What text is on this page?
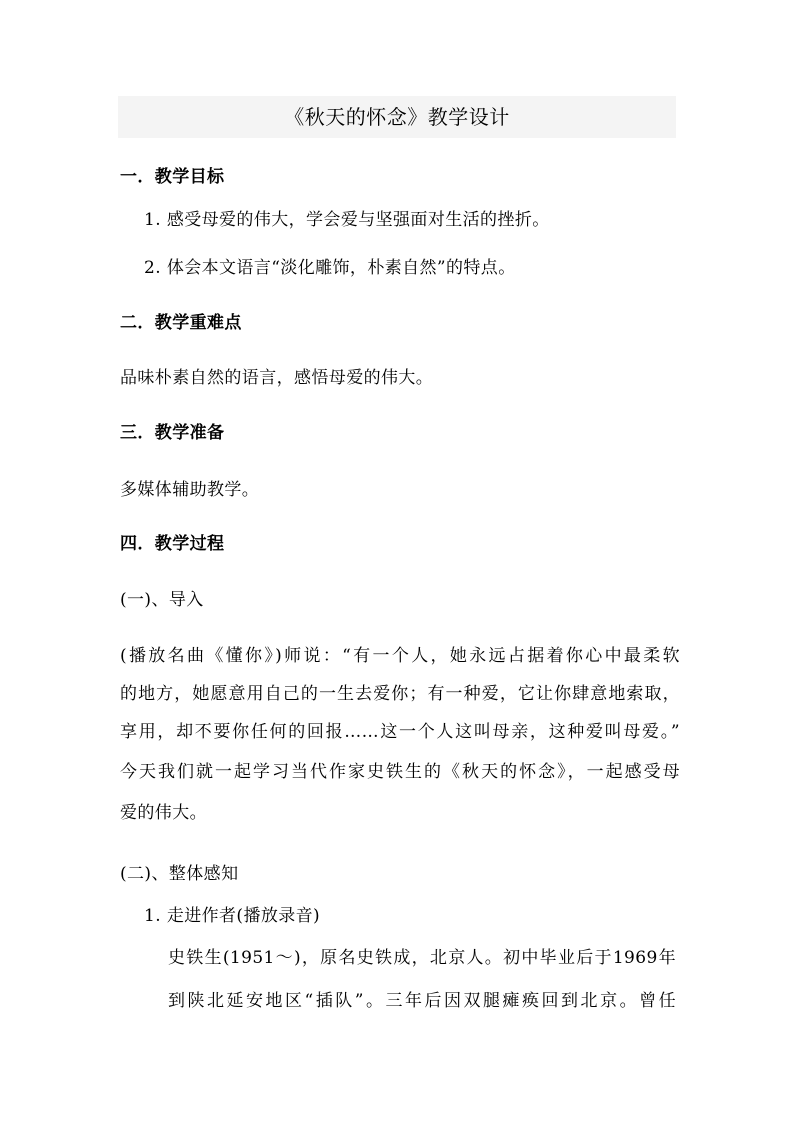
《秋天的怀念》教学设计
一．教学目标
1. 感受母爱的伟大，学会爱与坚强面对生活的挫折。
2. 体会本文语言“淡化雕饰，朴素自然”的特点。
二．教学重难点
品味朴素自然的语言，感悟母爱的伟大。
三．教学准备
多媒体辅助教学。
四．教学过程
(一)、导入
(播放名曲《懂你》)师说：“有一个人，她永远占据着你心中最柔软
的地方，她愿意用自己的一生去爱你；有一种爱，它让你肆意地索取，
享用，却不要你任何的回报……这一个人这叫母亲，这种爱叫母爱。”
今天我们就一起学习当代作家史铁生的《秋天的怀念》，一起感受母
爱的伟大。
(二)、整体感知
1. 走进作者(播放录音)
史铁生(1951～)，原名史铁成，北京人。初中毕业后于1969年
到陕北延安地区“插队”。三年后因双腿瘫痪回到北京。曾任
